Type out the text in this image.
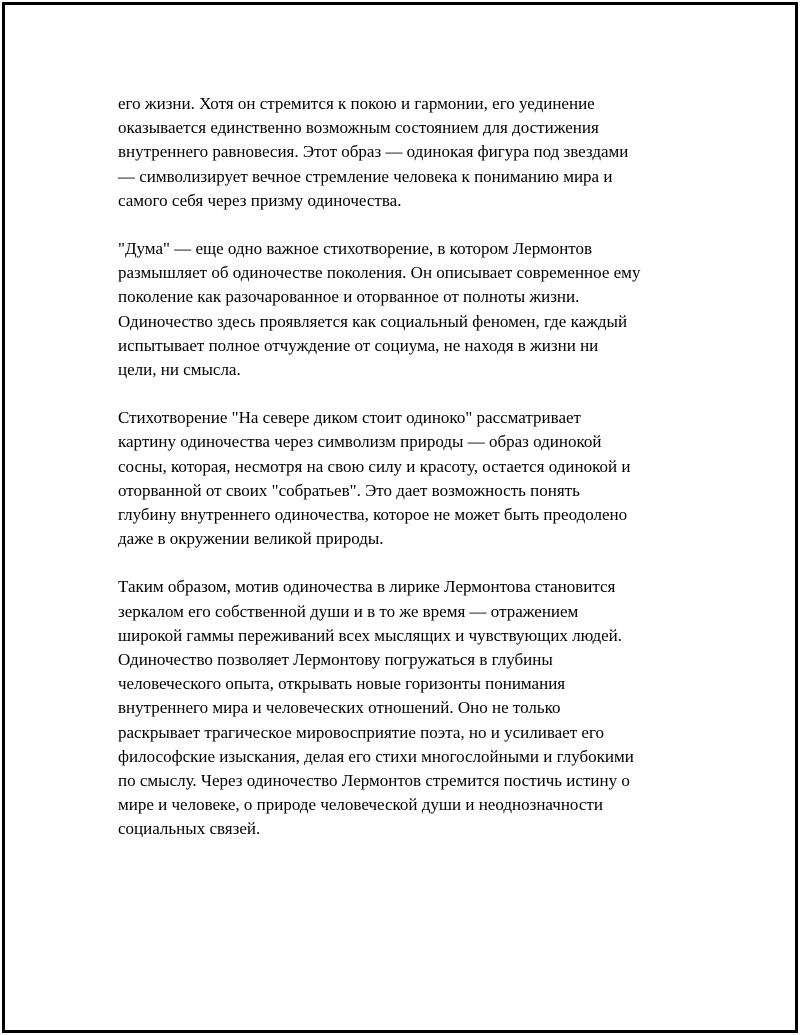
его жизни. Хотя он стремится к покою и гармонии, его уединение
оказывается единственно возможным состоянием для достижения
внутреннего равновесия. Этот образ — одинокая фигура под звездами
— символизирует вечное стремление человека к пониманию мира и
самого себя через призму одиночества.

"Дума" — еще одно важное стихотворение, в котором Лермонтов
размышляет об одиночестве поколения. Он описывает современное ему
поколение как разочарованное и оторванное от полноты жизни.
Одиночество здесь проявляется как социальный феномен, где каждый
испытывает полное отчуждение от социума, не находя в жизни ни
цели, ни смысла.

Стихотворение "На севере диком стоит одиноко" рассматривает
картину одиночества через символизм природы — образ одинокой
сосны, которая, несмотря на свою силу и красоту, остается одинокой и
оторванной от своих "собратьев". Это дает возможность понять
глубину внутреннего одиночества, которое не может быть преодолено
даже в окружении великой природы.

Таким образом, мотив одиночества в лирике Лермонтова становится
зеркалом его собственной души и в то же время — отражением
широкой гаммы переживаний всех мыслящих и чувствующих людей.
Одиночество позволяет Лермонтову погружаться в глубины
человеческого опыта, открывать новые горизонты понимания
внутреннего мира и человеческих отношений. Оно не только
раскрывает трагическое мировосприятие поэта, но и усиливает его
философские изыскания, делая его стихи многослойными и глубокими
по смыслу. Через одиночество Лермонтов стремится постичь истину о
мире и человеке, о природе человеческой души и неоднозначности
социальных связей.
